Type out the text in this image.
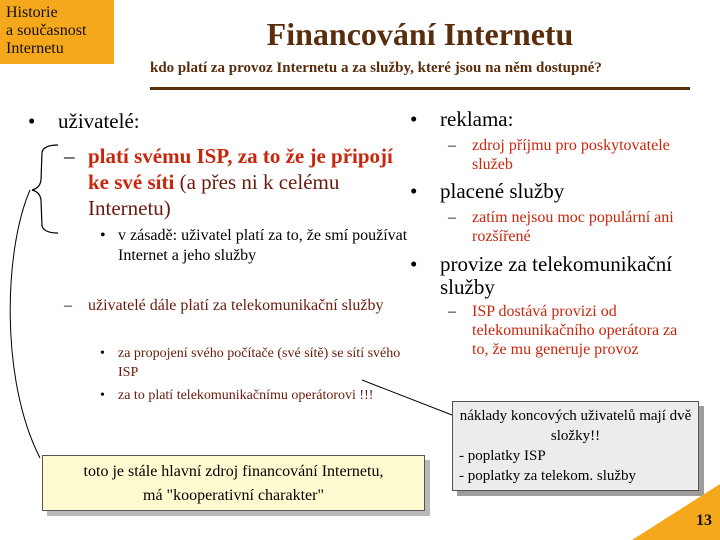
Historie
a současnost
Internetu	Financování Internetu
kdo platí za provoz Internetu a za služby, které jsou na něm dostupné?
• uživatelé:
– platí svému ISP, za to že je připojí ke své síti (a přes ni k celému Internetu)
• v zásadě: uživatel platí za to, že smí používat Internet a jeho služby
– uživatelé dále platí za telekomunikační služby
• za propojení svého počítače (své sítě) se sítí svého ISP
• za to platí telekomunikačnímu operátorovi !!!
• reklama:
– zdroj příjmu pro poskytovatele služeb
• placené služby
– zatím nejsou moc populární ani rozšířené
• provize za telekomunikační služby
– ISP dostává provizi od telekomunikačního operátora za to, že mu generuje provoz
toto je stále hlavní zdroj financování Internetu, má "kooperativní charakter"
náklady koncových uživatelů mají dvě složky!!
- poplatky ISP
- poplatky za telekom. služby
13
